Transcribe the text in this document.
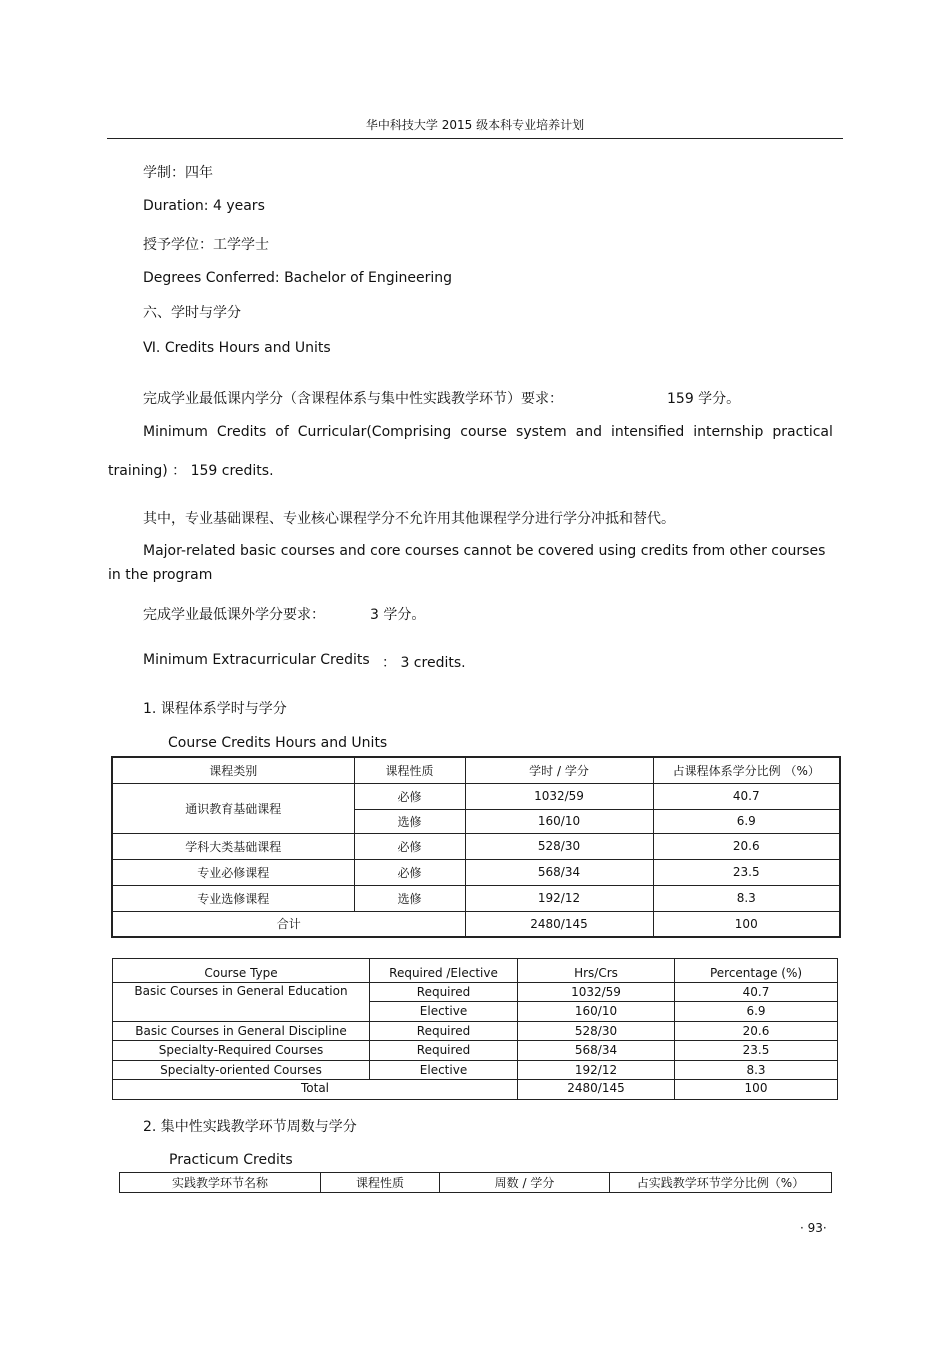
华中科技大学 2015 级本科专业培养计划
学制：四年
Duration: 4 years
授予学位：工学学士
Degrees Conferred: Bachelor of Engineering
六、学时与学分
Ⅵ. Credits Hours and Units
完成学业最低课内学分（含课程体系与集中性实践教学环节）要求：	159 学分。
Minimum Credits of Curricular(Comprising course system and intensified internship practical
training) ： 159 credits.
其中，专业基础课程、专业核心课程学分不允许用其他课程学分进行学分冲抵和替代。
Major-related basic courses and core courses cannot be covered using credits from other courses
in the program
完成学业最低课外学分要求：	3 学分。
Minimum Extracurricular Credits ： 3 credits.
1. 课程体系学时与学分
Course Credits Hours and Units
课程类别	课程性质	学时 / 学分	占课程体系学分比例 （%）
通识教育基础课程	必修	1032/59	40.7
	选修	160/10	6.9
学科大类基础课程	必修	528/30	20.6
专业必修课程	必修	568/34	23.5
专业选修课程	选修	192/12	8.3
合计		2480/145	100
Course Type	Required /Elective	Hrs/Crs	Percentage (%)
Basic Courses in General Education	Required	1032/59	40.7
	Elective	160/10	6.9
Basic Courses in General Discipline	Required	528/30	20.6
Specialty-Required Courses	Required	568/34	23.5
Specialty-oriented Courses	Elective	192/12	8.3
Total		2480/145	100
2. 集中性实践教学环节周数与学分
Practicum Credits
实践教学环节名称	课程性质	周数 / 学分	占实践教学环节学分比例（%）
· 93·
